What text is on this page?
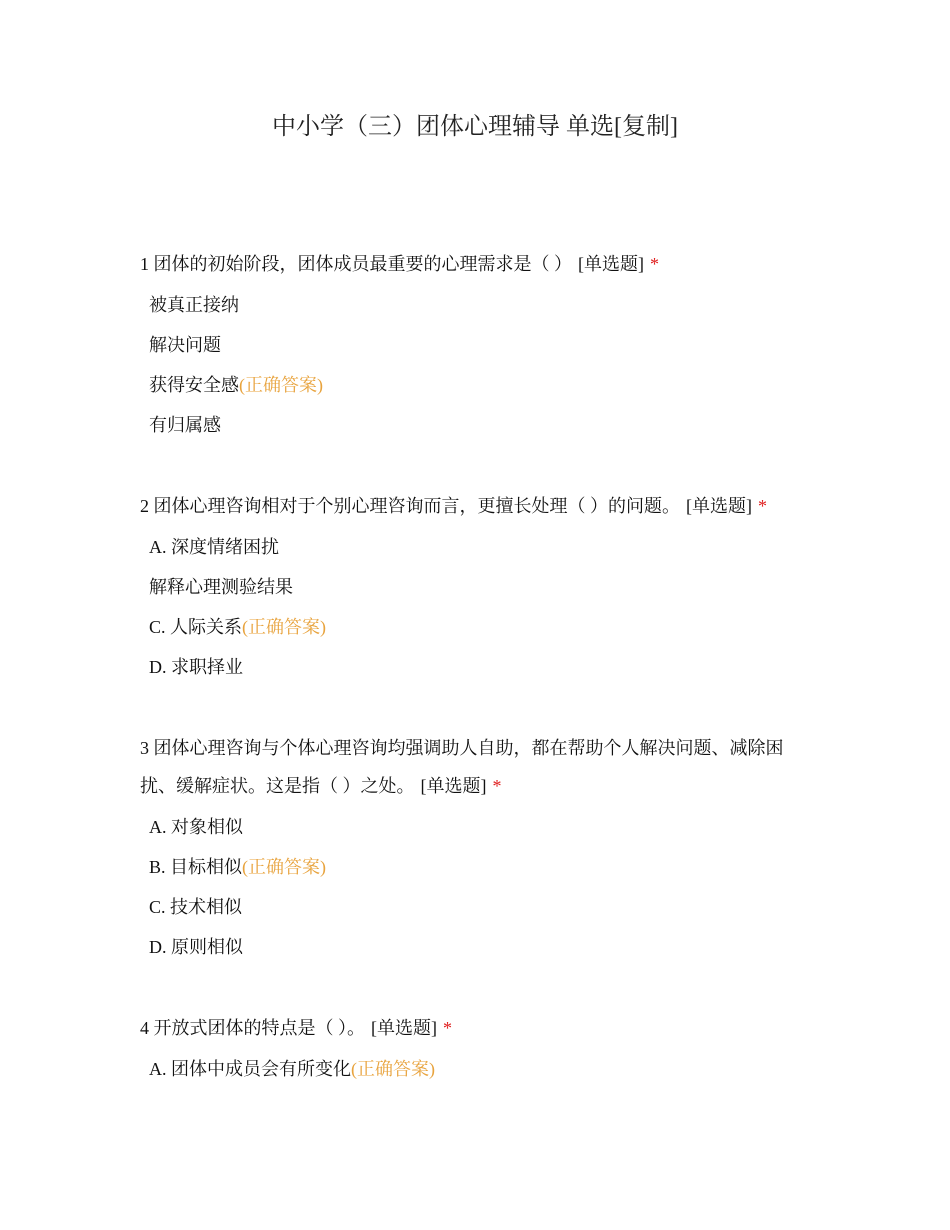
中小学（三）团体心理辅导 单选[复制]

1 团体的初始阶段，团体成员最重要的心理需求是（ ） [单选题] *

被真正接纳
解决问题
获得安全感(正确答案)
有归属感

2 团体心理咨询相对于个别心理咨询而言，更擅长处理（ ）的问题。 [单选题] *

A. 深度情绪困扰
解释心理测验结果
C. 人际关系(正确答案)
D. 求职择业

3 团体心理咨询与个体心理咨询均强调助人自助，都在帮助个人解决问题、减除困扰、缓解症状。这是指（ ）之处。 [单选题] *

A. 对象相似
B. 目标相似(正确答案)
C. 技术相似
D. 原则相似

4 开放式团体的特点是（ ）。 [单选题] *

A. 团体中成员会有所变化(正确答案)
